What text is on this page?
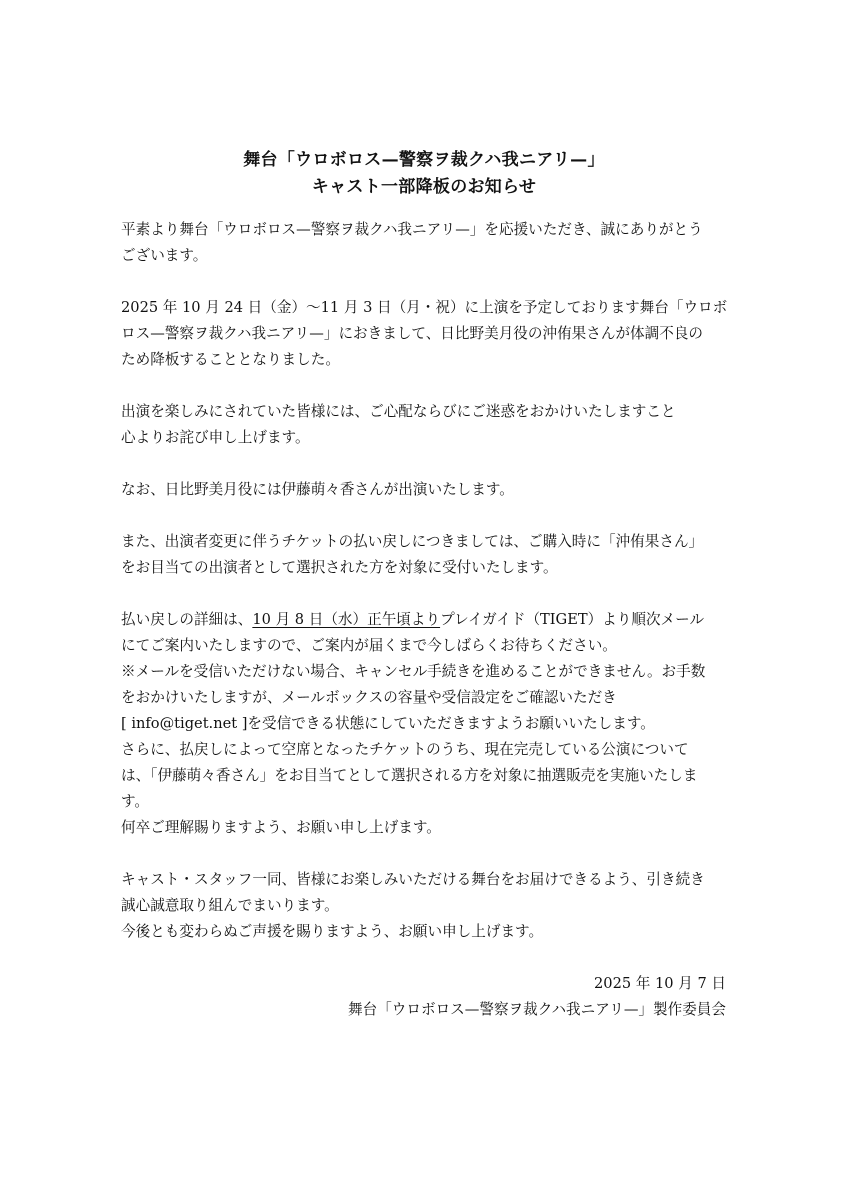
舞台「ウロボロス—警察ヲ裁クハ我ニアリ—」
キャスト一部降板のお知らせ
平素より舞台「ウロボロス—警察ヲ裁クハ我ニアリ—」を応援いただき、誠にありがとう
ございます。
2025 年 10 月 24 日（金）〜11 月 3 日（月・祝）に上演を予定しております舞台「ウロボ
ロス—警察ヲ裁クハ我ニアリ—」におきまして、日比野美月役の沖侑果さんが体調不良の
ため降板することとなりました。
出演を楽しみにされていた皆様には、ご心配ならびにご迷惑をおかけいたしますこと
心よりお詫び申し上げます。
なお、日比野美月役には伊藤萌々香さんが出演いたします。
また、出演者変更に伴うチケットの払い戻しにつきましては、ご購入時に「沖侑果さん」
をお目当ての出演者として選択された方を対象に受付いたします。
払い戻しの詳細は、10 月 8 日（水）正午頃よりプレイガイド（TIGET）より順次メール
にてご案内いたしますので、ご案内が届くまで今しばらくお待ちください。
※メールを受信いただけない場合、キャンセル手続きを進めることができません。お手数
をおかけいたしますが、メールボックスの容量や受信設定をご確認いただき
[ info@tiget.net ]を受信できる状態にしていただきますようお願いいたします。
さらに、払戻しによって空席となったチケットのうち、現在完売している公演について
は、「伊藤萌々香さん」をお目当てとして選択される方を対象に抽選販売を実施いたしま
す。
何卒ご理解賜りますよう、お願い申し上げます。
キャスト・スタッフ一同、皆様にお楽しみいただける舞台をお届けできるよう、引き続き
誠心誠意取り組んでまいります。
今後とも変わらぬご声援を賜りますよう、お願い申し上げます。
2025 年 10 月 7 日
舞台「ウロボロス—警察ヲ裁クハ我ニアリ—」製作委員会
